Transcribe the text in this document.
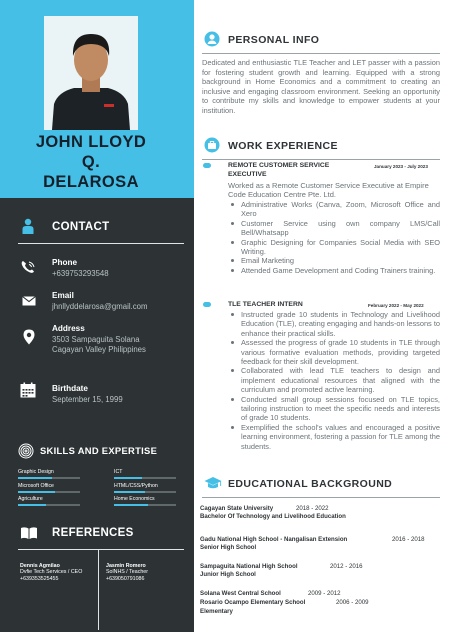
JOHN LLOYD
Q.
DELAROSA
CONTACT
Phone
+639753293548
Email
jhnllyddelarosa@gmail.com
Address
3503 Sampaguita Solana
Cagayan Valley Philippines
Birthdate
September 15, 1999
SKILLS AND EXPERTISE
Graphic Design	ICT
Microsoft Office	HTML/CSS/Python
Agriculture	Home Economics
REFERENCES
Dennis Agmilao
Dvfie Tech Services / CEO
+639353525455
Jasmin Romero
SolNHS / Teacher
+639050791086
PERSONAL INFO
Dedicated and enthusiastic TLE Teacher and LET passer with a passion for fostering student growth and learning. Equipped with a strong background in Home Economics and a commitment to creating an inclusive and engaging classroom environment. Seeking an opportunity to contribute my skills and knowledge to empower students at your institution.
WORK EXPERIENCE
REMOTE CUSTOMER SERVICE EXECUTIVE
January 2023 - July 2023
Worked as a Remote Customer Service Executive at Empire Code Education Centre Pte. Ltd.
Administrative Works (Canva, Zoom, Microsoft Office and Xero
Customer Service using own company LMS/Call Bell/Whatsapp
Graphic Designing for Companies Social Media with SEO Writing.
Email Marketing
Attended Game Development and Coding Trainers training.
TLE TEACHER INTERN	February 2022 - May 2022
Instructed grade 10 students in Technology and Livelihood Education (TLE), creating engaging and hands-on lessons to enhance their practical skills.
Assessed the progress of grade 10 students in TLE through various formative evaluation methods, providing targeted feedback for their skill development.
Collaborated with lead TLE teachers to design and implement educational resources that aligned with the curriculum and promoted active learning.
Conducted small group sessions focused on TLE topics, tailoring instruction to meet the specific needs and interests of grade 10 students.
Exemplified the school's values and encouraged a positive learning environment, fostering a passion for TLE among the students.
EDUCATIONAL BACKGROUND
Cagayan State University	2018 - 2022
Bachelor Of Technology and Livelihood Education
Gadu National High School - Nangalisan Extension	2016 - 2018
Senior High School
Sampaguita National High School	2012 - 2016
Junior High School
Solana West Central School	2009 - 2012
Rosario Ocampo Elementary School	2006 - 2009
Elementary
